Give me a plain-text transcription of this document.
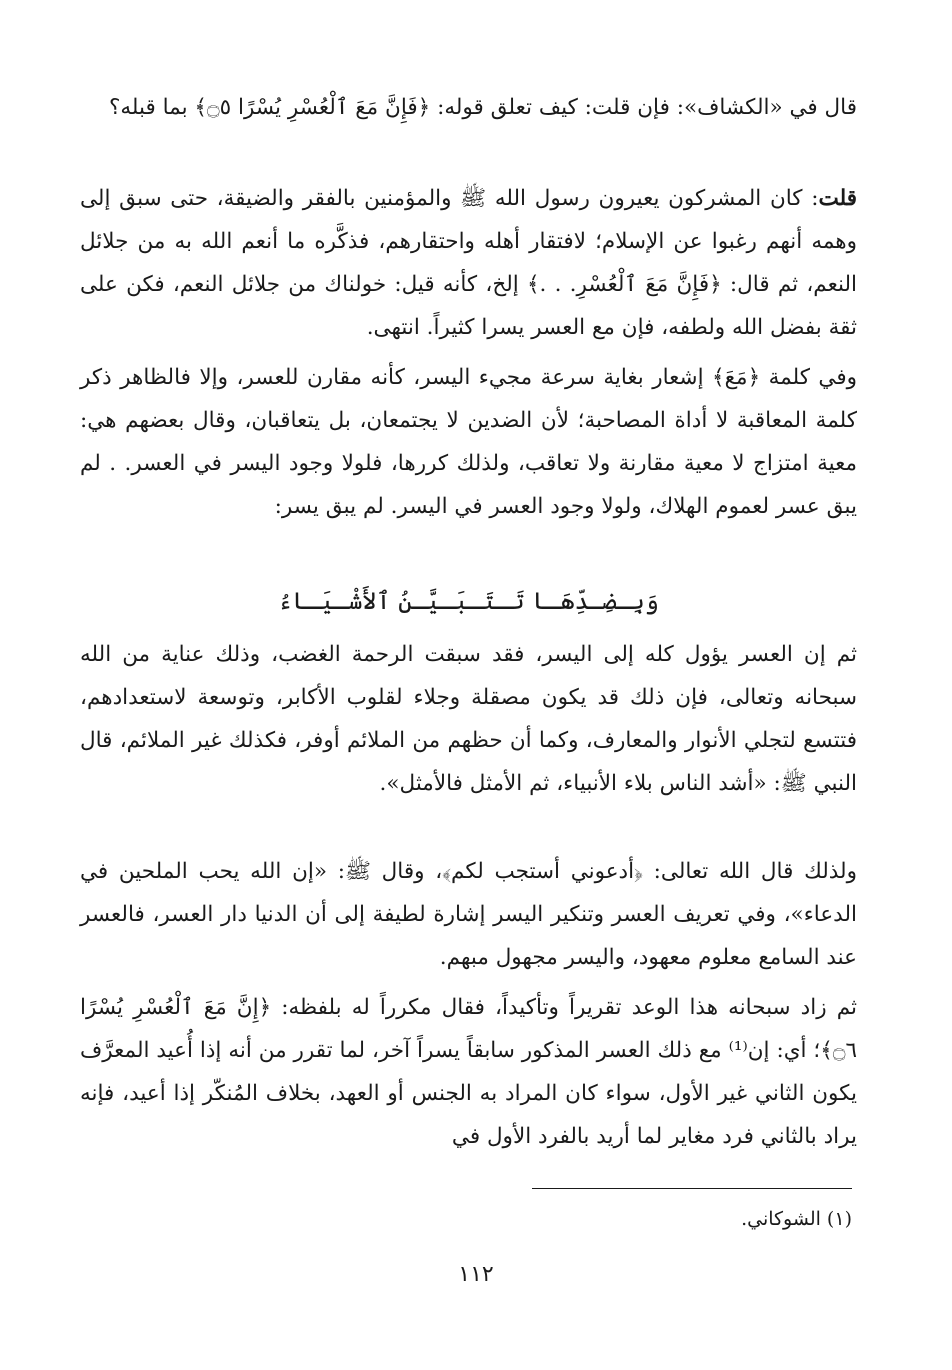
قال في «الكشاف»: فإن قلت: كيف تعلق قوله: ﴿فَإِنَّ مَعَ ٱلْعُسْرِ يُسْرًا ۝٥﴾ بما قبله؟

قلت: كان المشركون يعيرون رسول الله ﷺ والمؤمنين بالفقر والضيقة، حتى سبق إلى وهمه أنهم رغبوا عن الإسلام؛ لافتقار أهله واحتقارهم، فذكَّره ما أنعم الله به من جلائل النعم، ثم قال: ﴿فَإِنَّ مَعَ ٱلْعُسْرِ. . .﴾ إلخ، كأنه قيل: خولناك من جلائل النعم، فكن على ثقة بفضل الله ولطفه، فإن مع العسر يسرا كثيراً. انتهى.

وفي كلمة ﴿مَعَ﴾ إشعار بغاية سرعة مجيء اليسر، كأنه مقارن للعسر، وإلا فالظاهر ذكر كلمة المعاقبة لا أداة المصاحبة؛ لأن الضدين لا يجتمعان، بل يتعاقبان، وقال بعضهم هي: معية امتزاج لا معية مقارنة ولا تعاقب، ولذلك كررها، فلولا وجود اليسر في العسر. . لم يبق عسر لعموم الهلاك، ولولا وجود العسر في اليسر. لم يبق يسر:

وَبِـضِـدِّهَـا تَـتَـبَـيَّـنُ ٱلأَشْـيَـاءُ

ثم إن العسر يؤول كله إلى اليسر، فقد سبقت الرحمة الغضب، وذلك عناية من الله سبحانه وتعالى، فإن ذلك قد يكون مصقلة وجلاء لقلوب الأكابر، وتوسعة لاستعدادهم، فتتسع لتجلي الأنوار والمعارف، وكما أن حظهم من الملائم أوفر، فكذلك غير الملائم، قال النبي ﷺ: «أشد الناس بلاء الأنبياء، ثم الأمثل فالأمثل».

ولذلك قال الله تعالى: ﴿أدعوني أستجب لكم﴾، وقال ﷺ: «إن الله يحب الملحين في الدعاء»، وفي تعريف العسر وتنكير اليسر إشارة لطيفة إلى أن الدنيا دار العسر، فالعسر عند السامع معلوم معهود، واليسر مجهول مبهم.

ثم زاد سبحانه هذا الوعد تقريراً وتأكيداً، فقال مكرراً له بلفظه: ﴿إِنَّ مَعَ ٱلْعُسْرِ يُسْرًا ۝٦﴾؛ أي: إن⁽¹⁾ مع ذلك العسر المذكور سابقاً يسراً آخر، لما تقرر من أنه إذا أُعيد المعرَّف يكون الثاني غير الأول، سواء كان المراد به الجنس أو العهد، بخلاف المُنكّر إذا أعيد، فإنه يراد بالثاني فرد مغاير لما أريد بالفرد الأول في

(١) الشوكاني.
١١٢
